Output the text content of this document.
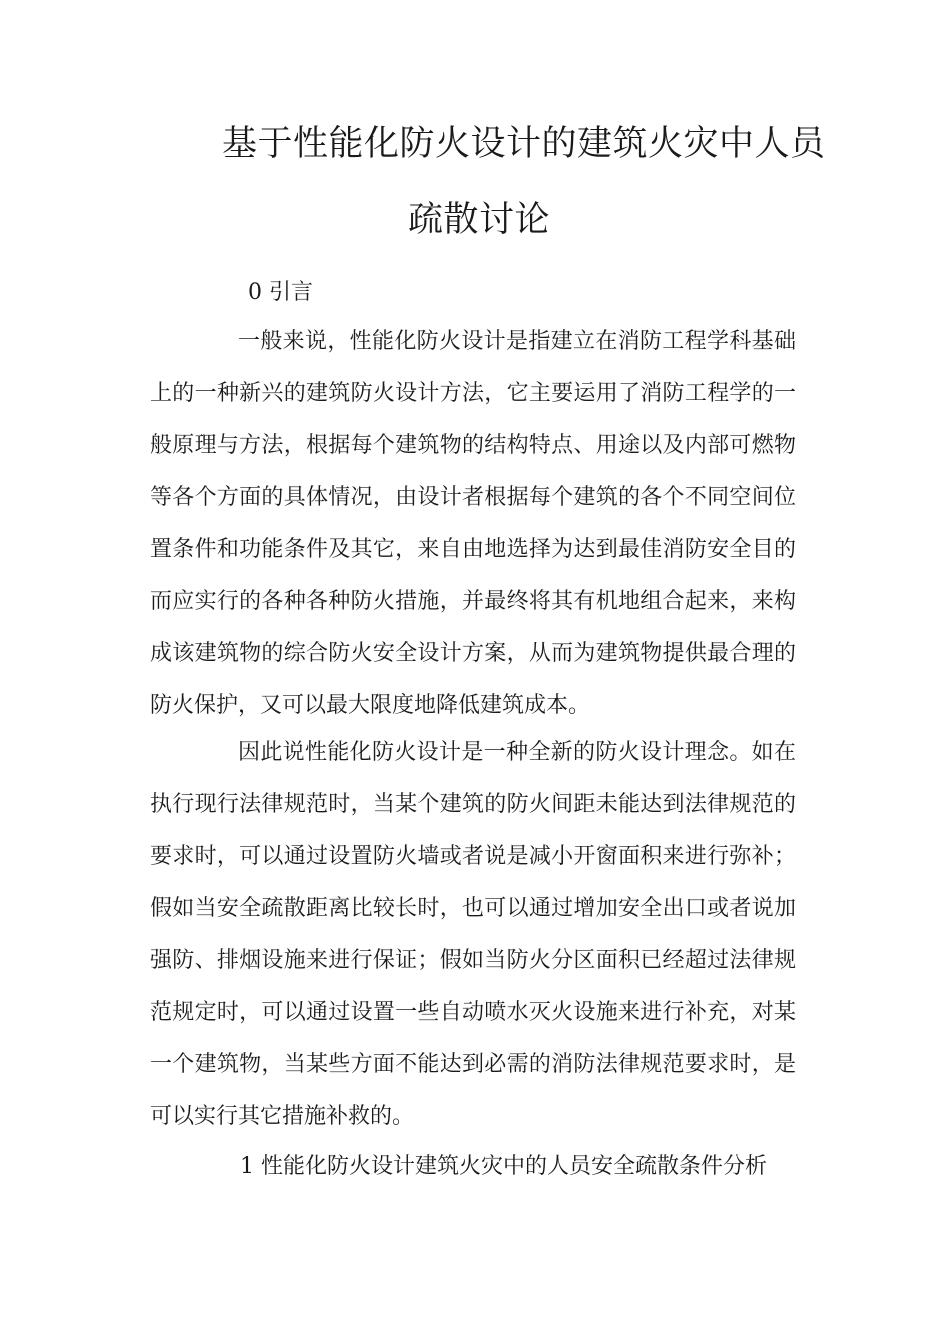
基于性能化防火设计的建筑火灾中人员
疏散讨论
0 引言

一般来说，性能化防火设计是指建立在消防工程学科基础上的一种新兴的建筑防火设计方法，它主要运用了消防工程学的一般原理与方法，根据每个建筑物的结构特点、用途以及内部可燃物等各个方面的具体情况，由设计者根据每个建筑的各个不同空间位置条件和功能条件及其它，来自由地选择为达到最佳消防安全目的而应实行的各种各种防火措施，并最终将其有机地组合起来，来构成该建筑物的综合防火安全设计方案，从而为建筑物提供最合理的防火保护，又可以最大限度地降低建筑成本。

因此说性能化防火设计是一种全新的防火设计理念。如在执行现行法律规范时，当某个建筑的防火间距未能达到法律规范的要求时，可以通过设置防火墙或者说是减小开窗面积来进行弥补；假如当安全疏散距离比较长时，也可以通过增加安全出口或者说加强防、排烟设施来进行保证；假如当防火分区面积已经超过法律规范规定时，可以通过设置一些自动喷水灭火设施来进行补充，对某一个建筑物，当某些方面不能达到必需的消防法律规范要求时，是可以实行其它措施补救的。

1 性能化防火设计建筑火灾中的人员安全疏散条件分析
